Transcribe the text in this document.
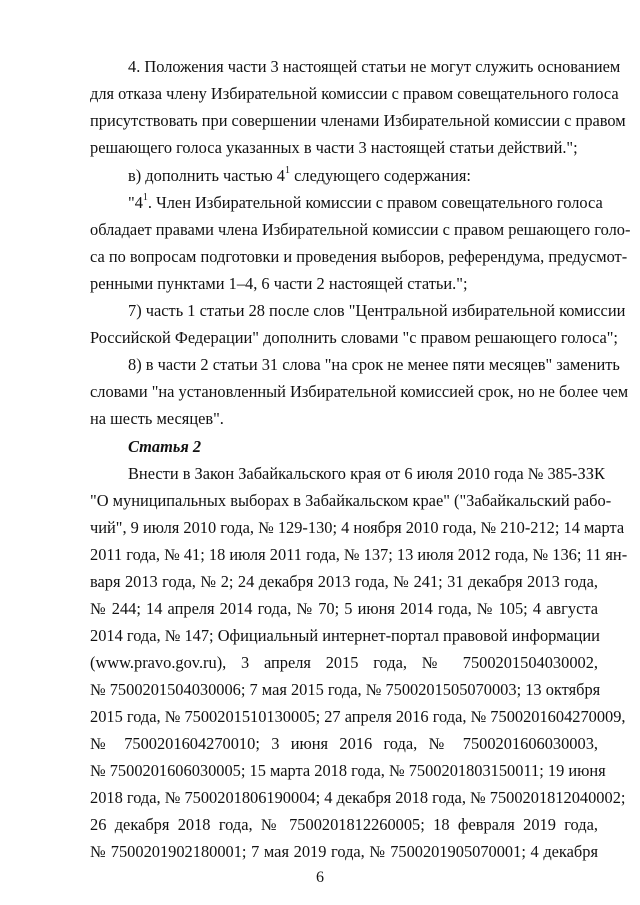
4. Положения части 3 настоящей статьи не могут служить основанием
для отказа члену Избирательной комиссии с правом совещательного голоса
присутствовать при совершении членами Избирательной комиссии с правом
решающего голоса указанных в части 3 настоящей статьи действий.";
в) дополнить частью $4^1$ следующего содержания:
"$4^1$. Член Избирательной комиссии с правом совещательного голоса
обладает правами члена Избирательной комиссии с правом решающего голо-
са по вопросам подготовки и проведения выборов, референдума, предусмот-
ренными пунктами 1–4, 6 части 2 настоящей статьи.";
7) часть 1 статьи 28 после слов "Центральной избирательной комиссии
Российской Федерации" дополнить словами "с правом решающего голоса";
8) в части 2 статьи 31 слова "на срок не менее пяти месяцев" заменить
словами "на установленный Избирательной комиссией срок, но не более чем
на шесть месяцев".
Статья 2
Внести в Закон Забайкальского края от 6 июля 2010 года № 385-ЗЗК
"О муниципальных выборах в Забайкальском крае" ("Забайкальский рабо-
чий", 9 июля 2010 года, № 129-130; 4 ноября 2010 года, № 210-212; 14 марта
2011 года, № 41; 18 июля 2011 года, № 137; 13 июля 2012 года, № 136; 11 ян-
варя 2013 года, № 2; 24 декабря 2013 года, № 241; 31 декабря 2013 года,
№ 244; 14 апреля 2014 года, № 70; 5 июня 2014 года, № 105; 4 августа
2014 года, № 147; Официальный интернет-портал правовой информации
(www.pravo.gov.ru), 3 апреля 2015 года, № 7500201504030002,
№ 7500201504030006; 7 мая 2015 года, № 7500201505070003; 13 октября
2015 года, № 7500201510130005; 27 апреля 2016 года, № 7500201604270009,
№ 7500201604270010; 3 июня 2016 года, № 7500201606030003,
№ 7500201606030005; 15 марта 2018 года, № 7500201803150011; 19 июня
2018 года, № 7500201806190004; 4 декабря 2018 года, № 7500201812040002;
26 декабря 2018 года, № 7500201812260005; 18 февраля 2019 года,
№ 7500201902180001; 7 мая 2019 года, № 7500201905070001; 4 декабря
6
